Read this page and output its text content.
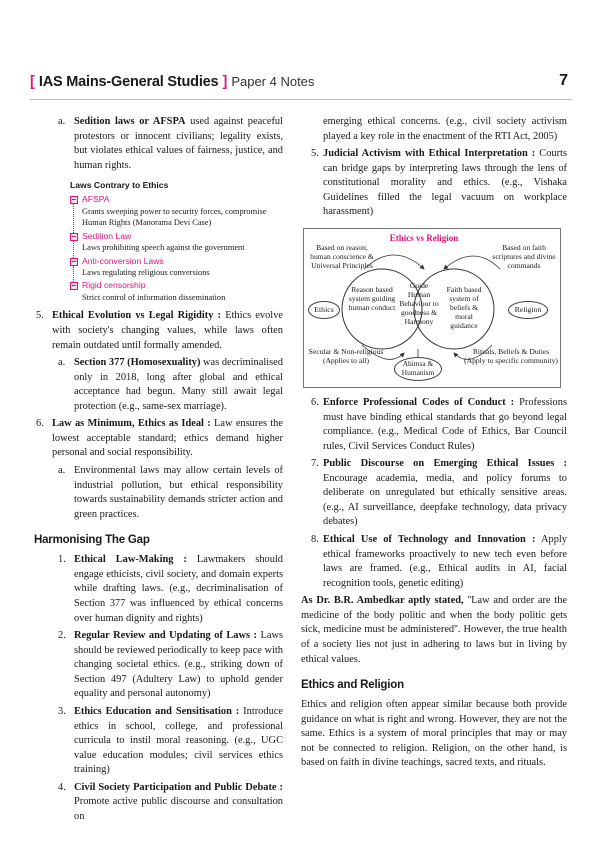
[ IAS Mains-General Studies ] Paper 4 Notes	7
a. Sedition laws or AFSPA used against peaceful protestors or innocent civilians; legality exists, but violates ethical values of fairness, justice, and human rights.
Laws Contrary to Ethics
AFSPA
Grants sweeping power to security forces, compromise Human Rights (Manorama Devi Case)
Sedition Law
Laws prohibiting speech against the government
Anti-conversion Laws
Laws regulating religious conversions
Rigid censorship
Strict control of information dissemination
5. Ethical Evolution vs Legal Rigidity : Ethics evolve with society's changing values, while laws often remain outdated until formally amended.
a. Section 377 (Homosexuality) was decriminalised only in 2018, long after global and ethical acceptance had begun. Many still await legal protection (e.g., same-sex marriage).
6. Law as Minimum, Ethics as Ideal : Law ensures the lowest acceptable standard; ethics demand higher personal and social responsibility.
a. Environmental laws may allow certain levels of industrial pollution, but ethical responsibility towards sustainability demands stricter action and green practices.
Harmonising The Gap
1. Ethical Law-Making : Lawmakers should engage ethicists, civil society, and domain experts while drafting laws. (e.g., decriminalisation of Section 377 was influenced by ethical concerns over human dignity and rights)
2. Regular Review and Updating of Laws : Laws should be reviewed periodically to keep pace with changing societal ethics. (e.g., striking down of Section 497 (Adultery Law) to uphold gender equality and personal autonomy)
3. Ethics Education and Sensitisation : Introduce ethics in school, college, and professional curricula to instil moral reasoning. (e.g., UGC value education modules; civil services ethics training)
4. Civil Society Participation and Public Debate : Promote active public discourse and consultation on
emerging ethical concerns. (e.g., civil society activism played a key role in the enactment of the RTI Act, 2005)
5. Judicial Activism with Ethical Interpretation : Courts can bridge gaps by interpreting laws through the lens of constitutional morality and ethics. (e.g., Vishaka Guidelines filled the legal vacuum on workplace harassment)
Ethics vs Religion
Based on reason, human conscience & Universal Principles
Based on faith scriptures and divine commands
Ethics	Religion
Reason based system guiding human conduct
Guide Human Behaviour to goodness & Harmony
Faith based system of beliefs & moral guidance
Secular & Non-religious (Applies to all)	Ahimsa & Humanism
Rituals, Beliefs & Duties (Apply to specific community)
6. Enforce Professional Codes of Conduct : Professions must have binding ethical standards that go beyond legal compliance. (e.g., Medical Code of Ethics, Bar Council rules, Civil Services Conduct Rules)
7. Public Discourse on Emerging Ethical Issues : Encourage academia, media, and policy forums to deliberate on unregulated but ethically sensitive areas. (e.g., AI surveillance, deepfake technology, data privacy debates)
8. Ethical Use of Technology and Innovation : Apply ethical frameworks proactively to new tech even before laws are framed. (e.g., Ethical audits in AI, facial recognition tools, genetic editing)

As Dr. B.R. Ambedkar aptly stated, ''Law and order are the medicine of the body politic and when the body politic gets sick, medicine must be administered''. However, the true health of a society lies not just in adhering to laws but in living by ethical values.

Ethics and Religion

Ethics and religion often appear similar because both provide guidance on what is right and wrong. However, they are not the same. Ethics is a system of moral principles that may or may not be connected to religion. Religion, on the other hand, is based on faith in divine teachings, sacred texts, and rituals.
